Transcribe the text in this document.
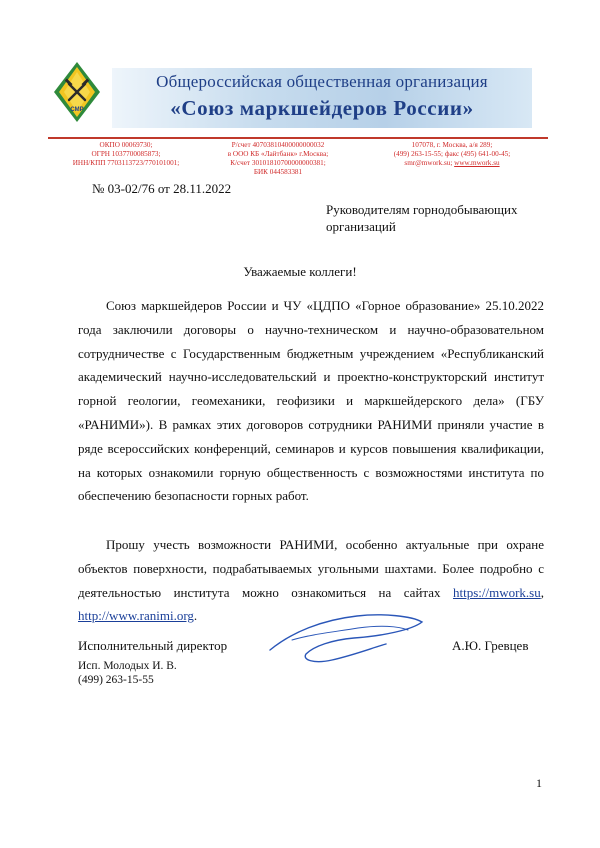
СМР
Общероссийская общественная организация
«Союз маркшейдеров России»
ОКПО 00069730;
ОГРН 1037700085873;
ИНН/КПП 7703113723/770101001;
Р/счет 40703810400000000032
в ООО КБ «Лайтбанк» г.Москва;
К/счет 30101810700000000381;
БИК 044583381
107078, г. Москва, а/я 289;
(499) 263-15-55; факс (495) 641-00-45;
smr@mwork.su; www.mwork.su
№ 03-02/76 от 28.11.2022
Руководителям горнодобывающих
организаций
Уважаемые коллеги!

Союз маркшейдеров России и ЧУ «ЦДПО «Горное образование» 25.10.2022 года заключили договоры о научно-техническом и научно-образовательном сотрудничестве с Государственным бюджетным учреждением «Республиканский академический научно-исследовательский и проектно-конструкторский институт горной геологии, геомеханики, геофизики и маркшейдерского дела» (ГБУ «РАНИМИ»). В рамках этих договоров сотрудники РАНИМИ приняли участие в ряде всероссийских конференций, семинаров и курсов повышения квалификации, на которых ознакомили горную общественность с возможностями института по обеспечению безопасности горных работ.

Прошу учесть возможности РАНИМИ, особенно актуальные при охране объектов поверхности, подрабатываемых угольными шахтами. Более подробно с деятельностью института можно ознакомиться на сайтах https://mwork.su, http://www.ranimi.org.

Исполнительный директор	А.Ю. Гревцев
Исп. Молодых И. В.
(499) 263-15-55
1
